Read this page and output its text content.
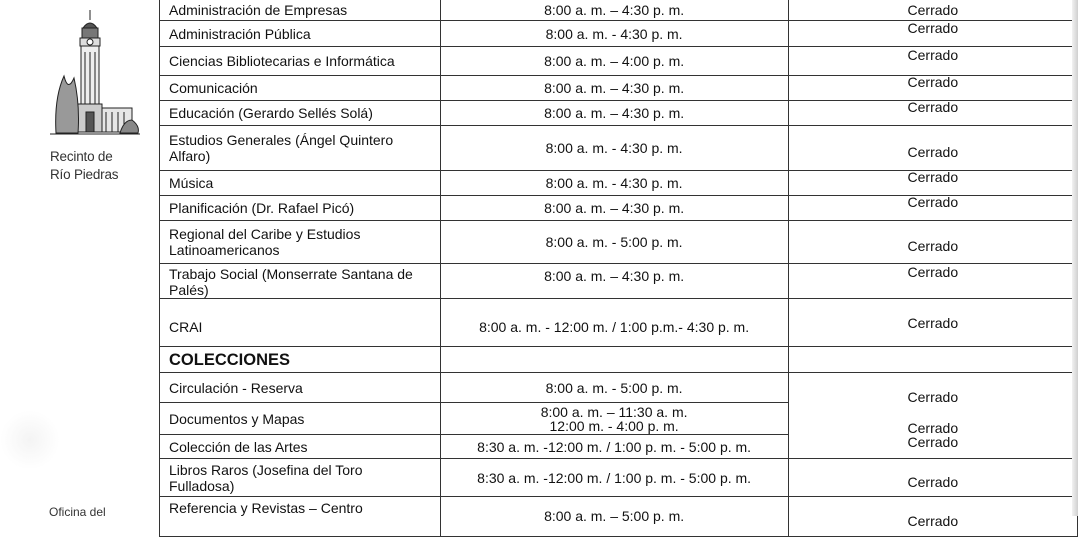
Recinto de
Río Piedras
Oficina del
Administración de Empresas	8:00 a. m. – 4:30 p. m.	Cerrado
Administración Pública	8:00 a. m. - 4:30 p. m.	Cerrado
Ciencias Bibliotecarias e Informática	8:00 a. m. – 4:00 p. m.	Cerrado
Comunicación	8:00 a. m. – 4:30 p. m.	Cerrado
Educación (Gerardo Sellés Solá)	8:00 a. m. – 4:30 p. m.	Cerrado

Estudios Generales (Ángel Quintero
Alfaro)	8:00 a. m. - 4:30 p. m.	Cerrado
Música	8:00 a. m. - 4:30 p. m.	Cerrado
Planificación (Dr. Rafael Picó)	8:00 a. m. – 4:30 p. m.	Cerrado

Regional del Caribe y Estudios
Latinoamericanos	8:00 a. m. - 5:00 p. m.	Cerrado

Trabajo Social (Monserrate Santana de
Palés)	8:00 a. m. – 4:30 p. m.	Cerrado
CRAI	8:00 a. m. - 12:00 m. / 1:00 p.m.- 4:30 p. m.	Cerrado
COLECCIONES		
Circulación - Reserva	8:00 a. m. - 5:00 p. m.	Cerrado
Documentos y Mapas	8:00 a. m. – 11:30 a. m.
12:00 m. - 4:00 p. m.	Cerrado
Colección de las Artes	8:30 a. m. -12:00 m. / 1:00 p. m. - 5:00 p. m.	Cerrado

Libros Raros (Josefina del Toro
Fulladosa)	8:30 a. m. -12:00 m. / 1:00 p. m. - 5:00 p. m.	Cerrado
Referencia y Revistas – Centro	8:00 a. m. – 5:00 p. m.	Cerrado
